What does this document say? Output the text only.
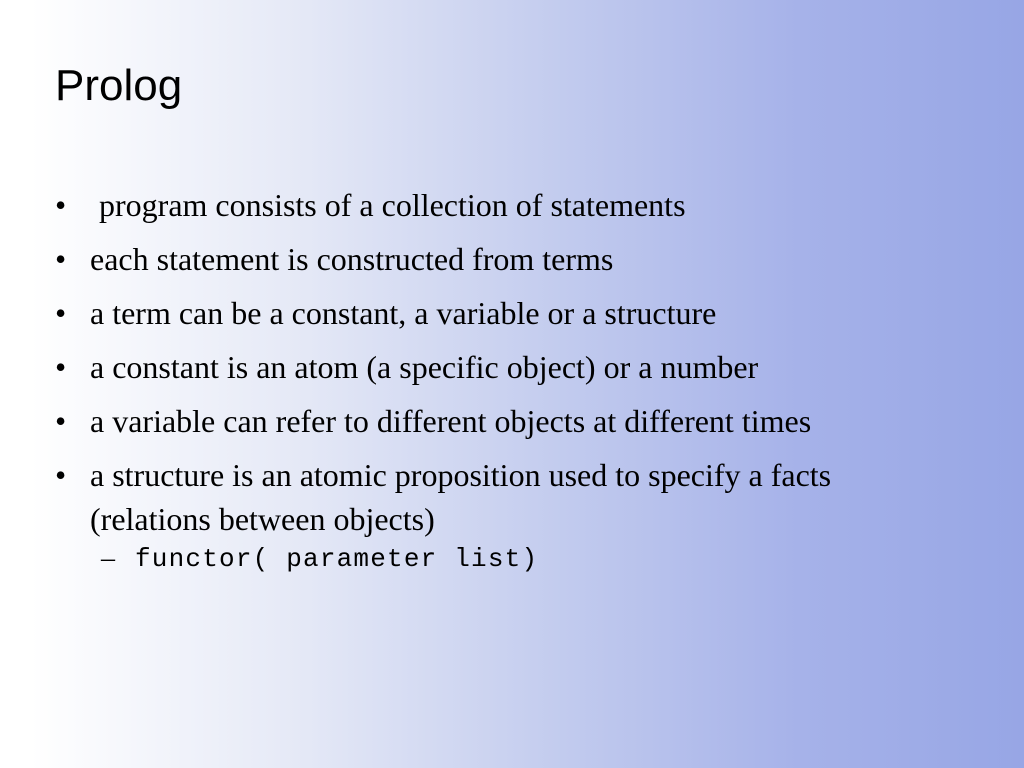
Prolog
• program consists of a collection of statements
• each statement is constructed from terms
• a term can be a constant, a variable or a structure
• a constant is an atom (a specific object) or a number
• a variable can refer to different objects at different times
• a structure is an atomic proposition used to specify a facts (relations between objects)
– functor( parameter list)
